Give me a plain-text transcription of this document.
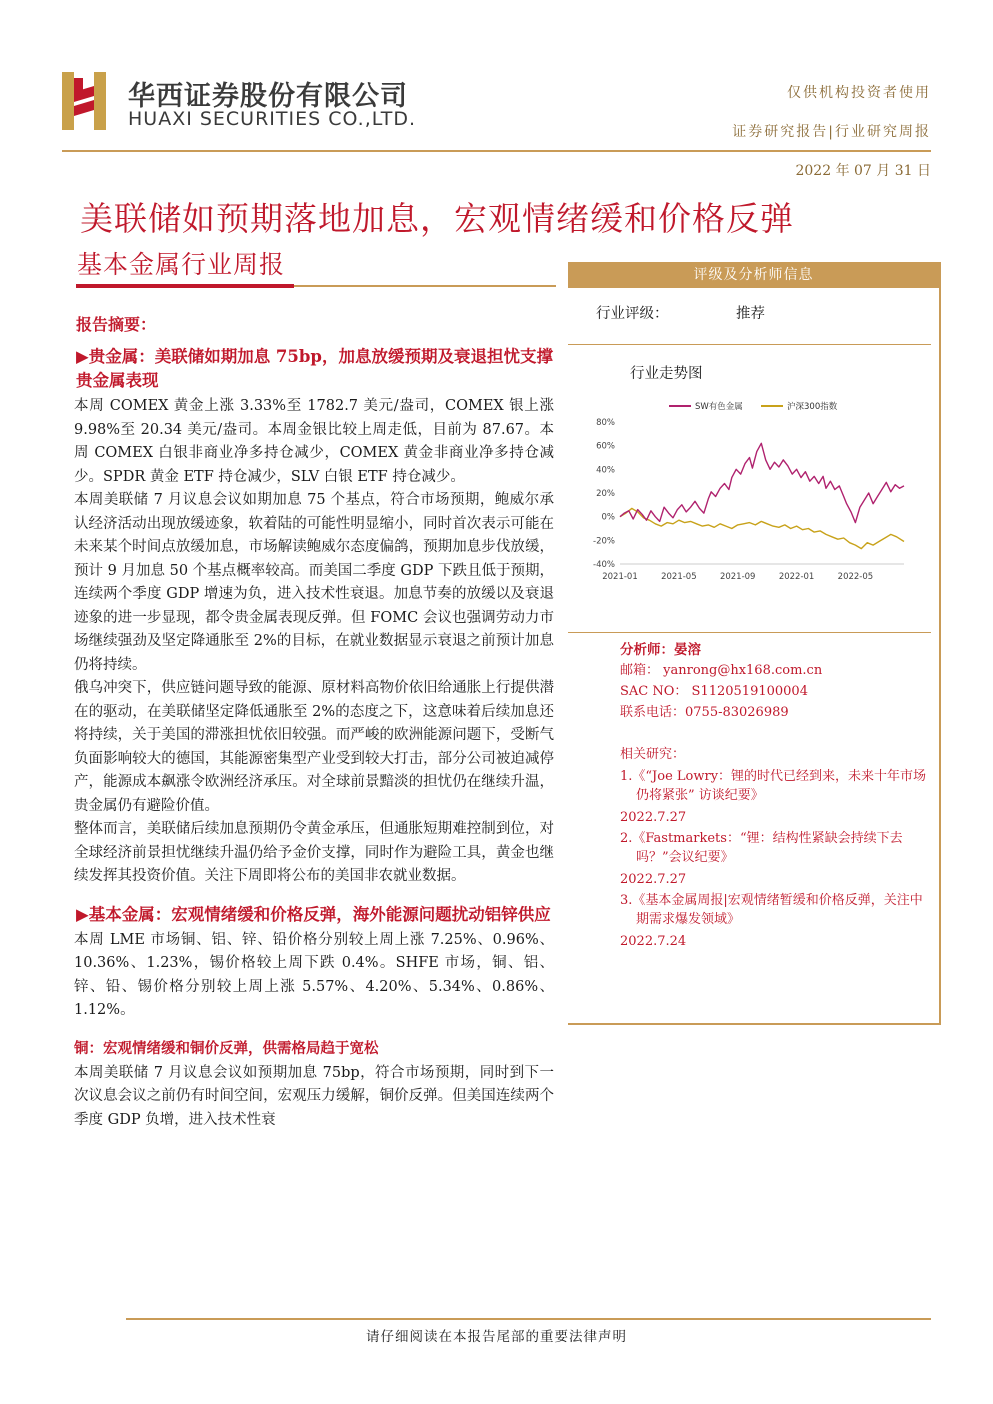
华西证券股份有限公司
HUAXI SECURITIES CO.,LTD.
仅供机构投资者使用
证券研究报告|行业研究周报
2022 年 07 月 31 日
美联储如预期落地加息，宏观情绪缓和价格反弹
基本金属行业周报
报告摘要：
▶贵金属：美联储如期加息 75bp，加息放缓预期及衰退担忧支撑贵金属表现

本周 COMEX 黄金上涨 3.33%至 1782.7 美元/盎司，COMEX 银上涨 9.98%至 20.34 美元/盎司。本周金银比较上周走低，目前为 87.67。本周 COMEX 白银非商业净多持仓减少，COMEX 黄金非商业净多持仓减少。SPDR 黄金 ETF 持仓减少，SLV 白银 ETF 持仓减少。

本周美联储 7 月议息会议如期加息 75 个基点，符合市场预期，鲍威尔承认经济活动出现放缓迹象，软着陆的可能性明显缩小，同时首次表示可能在未来某个时间点放缓加息，市场解读鲍威尔态度偏鸽，预期加息步伐放缓，预计 9 月加息 50 个基点概率较高。而美国二季度 GDP 下跌且低于预期，连续两个季度 GDP 增速为负，进入技术性衰退。加息节奏的放缓以及衰退迹象的进一步显现，都令贵金属表现反弹。但 FOMC 会议也强调劳动力市场继续强劲及坚定降通胀至 2%的目标，在就业数据显示衰退之前预计加息仍将持续。

俄乌冲突下，供应链问题导致的能源、原材料高物价依旧给通胀上行提供潜在的驱动，在美联储坚定降低通胀至 2%的态度之下，这意味着后续加息还将持续，关于美国的滞涨担忧依旧较强。而严峻的欧洲能源问题下，受断气负面影响较大的德国，其能源密集型产业受到较大打击，部分公司被迫减停产，能源成本飙涨令欧洲经济承压。对全球前景黯淡的担忧仍在继续升温，贵金属仍有避险价值。

整体而言，美联储后续加息预期仍令黄金承压，但通胀短期难控制到位，对全球经济前景担忧继续升温仍给予金价支撑，同时作为避险工具，黄金也继续发挥其投资价值。关注下周即将公布的美国非农就业数据。

▶基本金属：宏观情绪缓和价格反弹，海外能源问题扰动铝锌供应

本周 LME 市场铜、铝、锌、铅价格分别较上周上涨 7.25%、0.96%、10.36%、1.23%，锡价格较上周下跌 0.4%。SHFE 市场，铜、铝、锌、铅、锡价格分别较上周上涨 5.57%、4.20%、5.34%、0.86%、1.12%。

铜：宏观情绪缓和铜价反弹，供需格局趋于宽松

本周美联储 7 月议息会议如预期加息 75bp，符合市场预期，同时到下一次议息会议之前仍有时间空间，宏观压力缓解，铜价反弹。但美国连续两个季度 GDP 负增，进入技术性衰

评级及分析师信息
行业评级：	推荐
行业走势图
SW有色金属	沪深300指数
80%
60%
40%
20%
0%
-20%
-40%
2021-01	2021-05	2021-09	2022-01	2022-05
分析师：晏溶
邮箱： yanrong@hx168.com.cn
SAC NO： S1120519100004
联系电话：0755-83026989
相关研究：
1.《“Joe Lowry：锂的时代已经到来，未来十年市场仍将紧张” 访谈纪要》
2022.7.27
2.《Fastmarkets：“锂：结构性紧缺会持续下去吗？”会议纪要》
2022.7.27
3.《基本金属周报|宏观情绪暂缓和价格反弹，关注中期需求爆发领域》
2022.7.24
请仔细阅读在本报告尾部的重要法律声明
